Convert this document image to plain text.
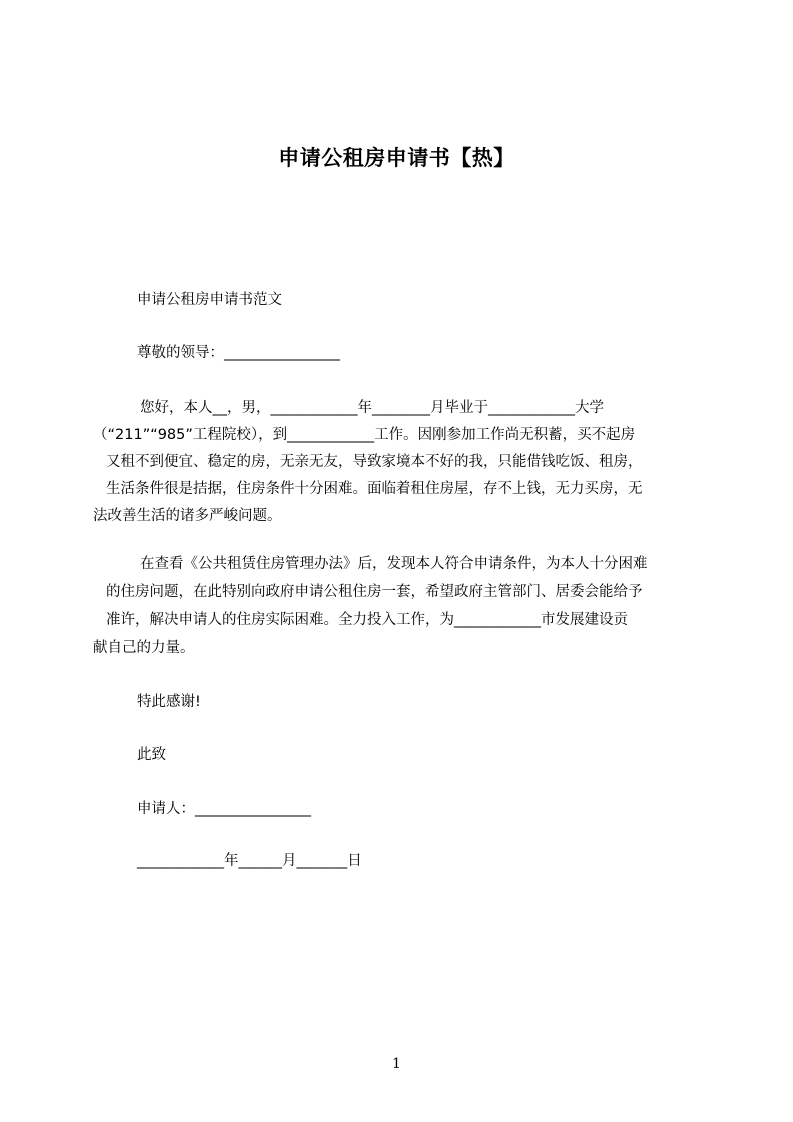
申请公租房申请书【热】
申请公租房申请书范文
尊敬的领导：________________
您好，本人__，男，____________年________月毕业于____________大学
（“211”“985”工程院校），到____________工作。因刚参加工作尚无积蓄，买不起房
又租不到便宜、稳定的房，无亲无友，导致家境本不好的我，只能借钱吃饭、租房，
生活条件很是拮据，住房条件十分困难。面临着租住房屋，存不上钱，无力买房，无
法改善生活的诸多严峻问题。
在查看《公共租赁住房管理办法》后，发现本人符合申请条件，为本人十分困难
的住房问题，在此特别向政府申请公租住房一套，希望政府主管部门、居委会能给予
准许，解决申请人的住房实际困难。全力投入工作，为____________市发展建设贡
献自己的力量。
特此感谢!
此致
申请人：________________
____________年______月_______日
1
